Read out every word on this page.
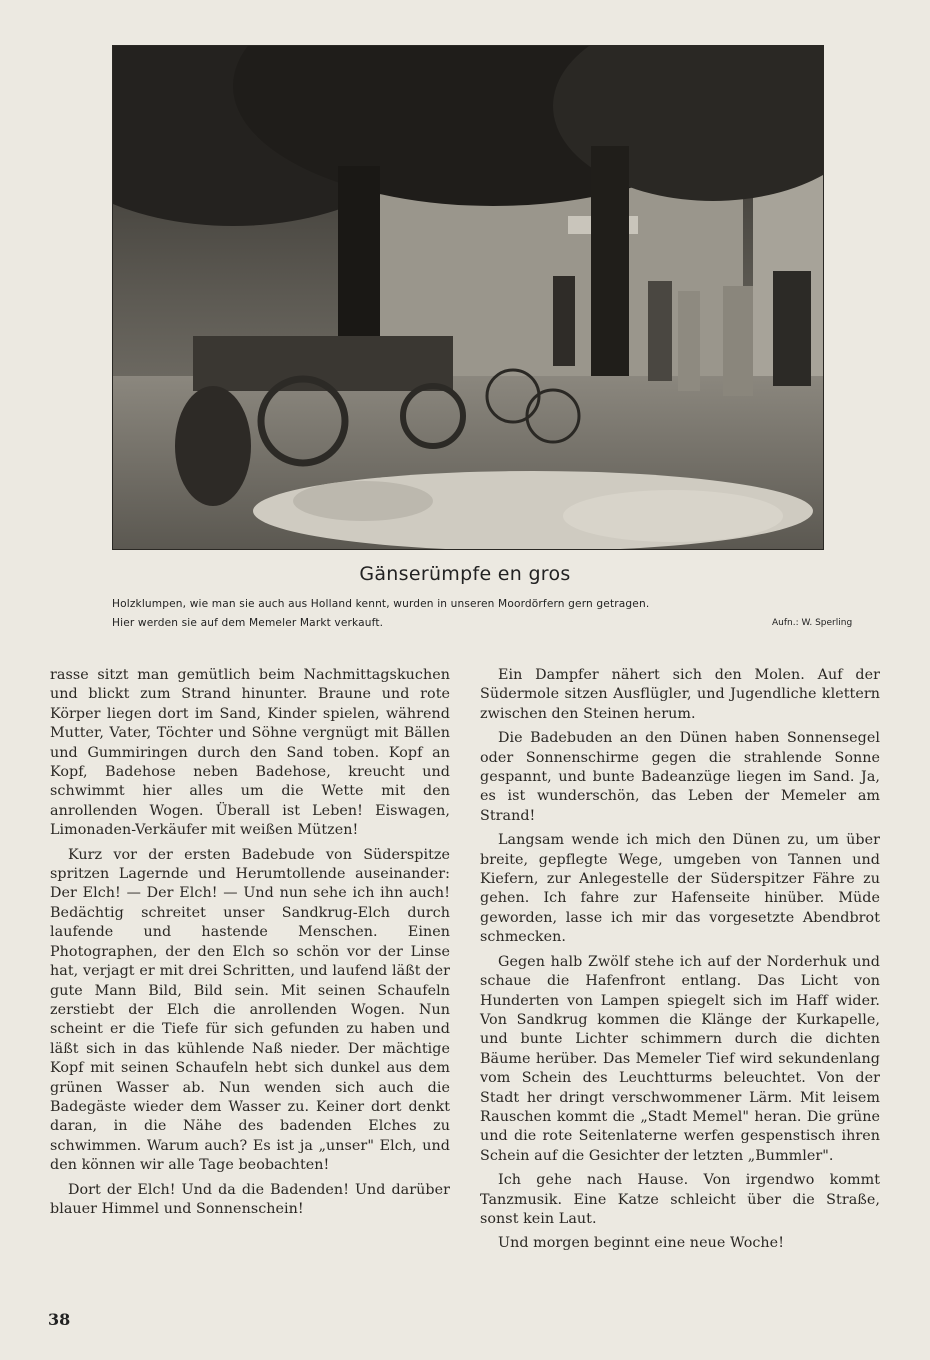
Gänserümpfe en gros
Holzklumpen, wie man sie auch aus Holland kennt, wurden in unseren Moordörfern gern getragen.
Hier werden sie auf dem Memeler Markt verkauft.	Aufn.: W. Sperling

rasse sitzt man gemütlich beim Nachmittagskuchen und blickt zum Strand hinunter. Braune und rote Körper liegen dort im Sand, Kinder spielen, während Mutter, Vater, Töchter und Söhne vergnügt mit Bällen und Gummiringen durch den Sand toben. Kopf an Kopf, Badehose neben Badehose, kreucht und schwimmt hier alles um die Wette mit den anrollenden Wogen. Überall ist Leben! Eiswagen, Limonaden-Verkäufer mit weißen Mützen!

Kurz vor der ersten Badebude von Süderspitze spritzen Lagernde und Herumtollende auseinander: Der Elch! — Der Elch! — Und nun sehe ich ihn auch! Bedächtig schreitet unser Sandkrug-Elch durch laufende und hastende Menschen. Einen Photographen, der den Elch so schön vor der Linse hat, verjagt er mit drei Schritten, und laufend läßt der gute Mann Bild, Bild sein. Mit seinen Schaufeln zerstiebt der Elch die anrollenden Wogen. Nun scheint er die Tiefe für sich gefunden zu haben und läßt sich in das kühlende Naß nieder. Der mächtige Kopf mit seinen Schaufeln hebt sich dunkel aus dem grünen Wasser ab. Nun wenden sich auch die Badegäste wieder dem Wasser zu. Keiner dort denkt daran, in die Nähe des badenden Elches zu schwimmen. Warum auch? Es ist ja „unser" Elch, und den können wir alle Tage beobachten!

Dort der Elch! Und da die Badenden! Und darüber blauer Himmel und Sonnenschein!

Ein Dampfer nähert sich den Molen. Auf der Südermole sitzen Ausflügler, und Jugendliche klettern zwischen den Steinen herum.

Die Badebuden an den Dünen haben Sonnensegel oder Sonnenschirme gegen die strahlende Sonne gespannt, und bunte Badeanzüge liegen im Sand. Ja, es ist wunderschön, das Leben der Memeler am Strand!

Langsam wende ich mich den Dünen zu, um über breite, gepflegte Wege, umgeben von Tannen und Kiefern, zur Anlegestelle der Süderspitzer Fähre zu gehen. Ich fahre zur Hafenseite hinüber. Müde geworden, lasse ich mir das vorgesetzte Abendbrot schmecken.

Gegen halb Zwölf stehe ich auf der Norderhuk und schaue die Hafenfront entlang. Das Licht von Hunderten von Lampen spiegelt sich im Haff wider. Von Sandkrug kommen die Klänge der Kurkapelle, und bunte Lichter schimmern durch die dichten Bäume herüber. Das Memeler Tief wird sekundenlang vom Schein des Leuchtturms beleuchtet. Von der Stadt her dringt verschwommener Lärm. Mit leisem Rauschen kommt die „Stadt Memel" heran. Die grüne und die rote Seitenlaterne werfen gespenstisch ihren Schein auf die Gesichter der letzten „Bummler".

Ich gehe nach Hause. Von irgendwo kommt Tanzmusik. Eine Katze schleicht über die Straße, sonst kein Laut.

Und morgen beginnt eine neue Woche!

38
